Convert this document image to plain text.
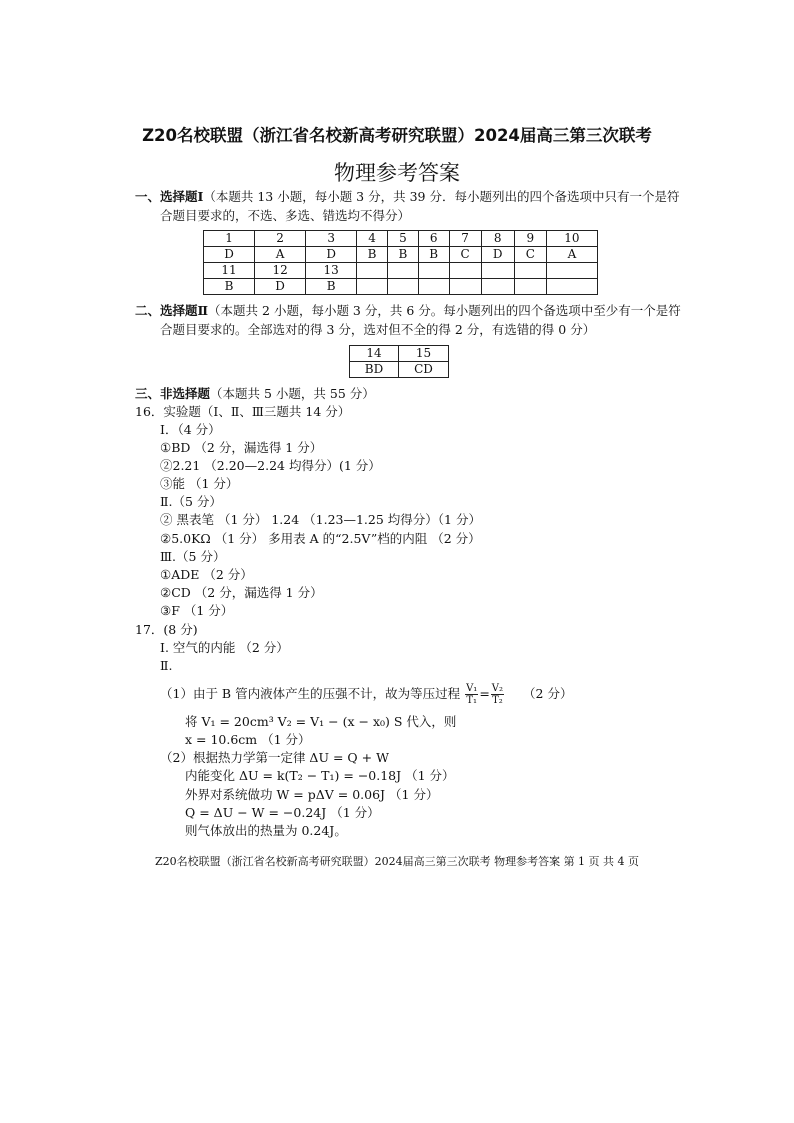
Z20名校联盟（浙江省名校新高考研究联盟）2024届高三第三次联考
物理参考答案
一、选择题Ⅰ（本题共 13 小题，每小题 3 分，共 39 分．每小题列出的四个备选项中只有一个是符
合题目要求的，不选、多选、错选均不得分）
1	2	3	4	5	6	7	8	9	10
D	A	D	B	B	B	C	D	C	A
11	12	13							
B	D	B							
二、选择题Ⅱ（本题共 2 小题，每小题 3 分，共 6 分。每小题列出的四个备选项中至少有一个是符
合题目要求的。全部选对的得 3 分，选对但不全的得 2 分，有选错的得 0 分）
14	15
BD	CD
三、非选择题（本题共 5 小题，共 55 分）
16．实验题（Ⅰ、Ⅱ、Ⅲ三题共 14 分）
Ⅰ．（4 分）
①BD （2 分，漏选得 1 分）
②2.21 （2.20—2.24 均得分）(1 分）
③能 （1 分）
Ⅱ.（5 分）
② 黑表笔 （1 分） 1.24 （1.23—1.25 均得分）（1 分）
②5.0KΩ （1 分） 多用表 A 的“2.5V”档的内阻 （2 分）
Ⅲ.（5 分）
①ADE （2 分）
②CD （2 分，漏选得 1 分）
③F （1 分）
17．(8 分)
Ⅰ. 空气的内能 （2 分）
Ⅱ.
（1）由于 B 管内液体产生的压强不计，故为等压过程 $\frac{\text{V₁}}{\text{T₁}} = \frac{\text{V₂}}{\text{T₂}} (2$ 分）
将 V₁ = 20cm³ V₂ = V₁ − (x − x₀) S 代入，则
x = 10.6cm （1 分）
（2）根据热力学第一定律 ΔU = Q + W
内能变化 ΔU = k(T₂ − T₁) = −0.18J （1 分）
外界对系统做功 W = pΔV = 0.06J （1 分）
Q = ΔU − W = −0.24J （1 分）
则气体放出的热量为 0.24J。
Z20名校联盟（浙江省名校新高考研究联盟）2024届高三第三次联考 物理参考答案 第 1 页 共 4 页
